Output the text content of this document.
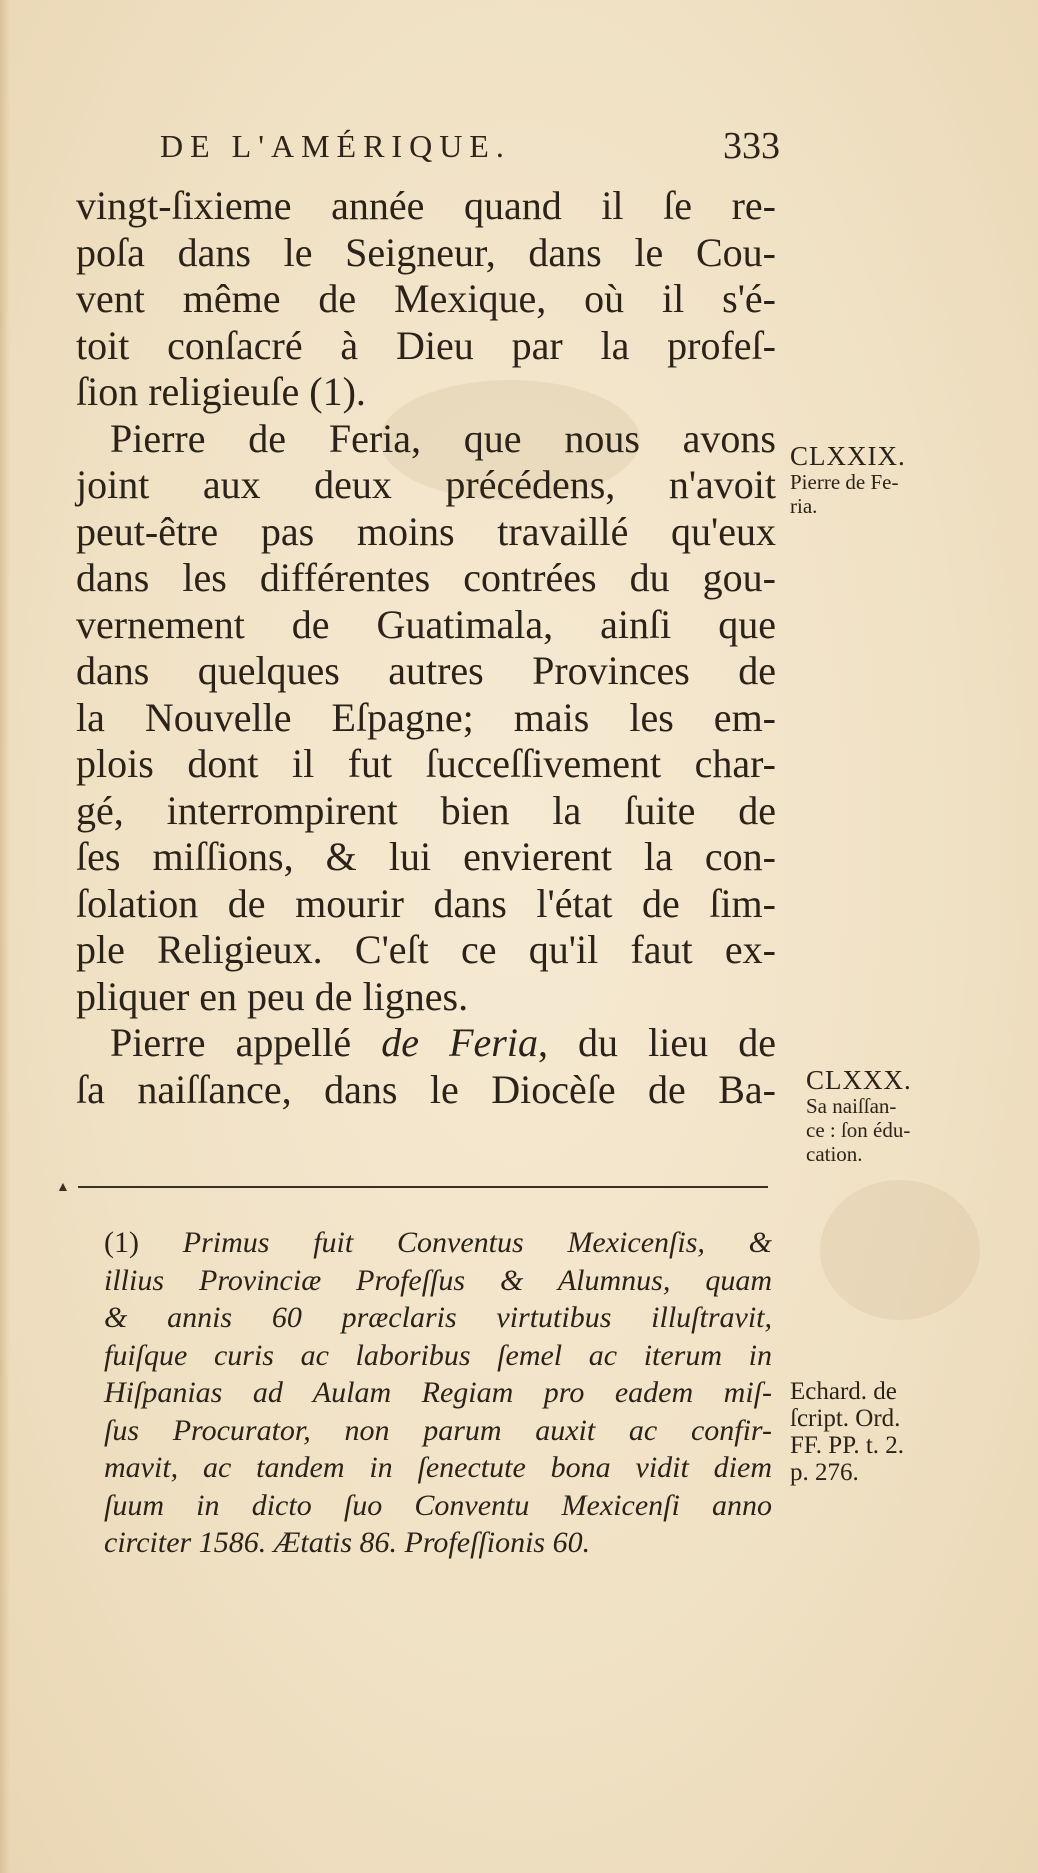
DE L'AMÉRIQUE.	333
vingt-ſixieme année quand il ſe re-
poſa dans le Seigneur, dans le Cou-
vent même de Mexique, où il s'é-
toit conſacré à Dieu par la profeſ-
ſion religieuſe (1).
Pierre de Feria, que nous avons
joint aux deux précédens, n'avoit
peut-être pas moins travaillé qu'eux
dans les différentes contrées du gou-
vernement de Guatimala, ainſi que
dans quelques autres Provinces de
la Nouvelle Eſpagne; mais les em-
plois dont il fut ſucceſſivement char-
gé, interrompirent bien la ſuite de
ſes miſſions, & lui envierent la con-
ſolation de mourir dans l'état de ſim-
ple Religieux. C'eſt ce qu'il faut ex-
pliquer en peu de lignes.
Pierre appellé de Feria, du lieu de
ſa naiſſance, dans le Diocèſe de Ba-
CLXXIX.
Pierre de Fe-
ria.
CLXXX.
Sa naiſſan-
ce : ſon édu-
cation.
▲
(1) Primus fuit Conventus Mexicenſis, &
illius Provinciæ Profeſſus & Alumnus, quam
& annis 60 præclaris virtutibus illuſtravit,
fuiſque curis ac laboribus ſemel ac iterum in
Hiſpanias ad Aulam Regiam pro eadem miſ-
ſus Procurator, non parum auxit ac confir-
mavit, ac tandem in ſenectute bona vidit diem
ſuum in dicto ſuo Conventu Mexicenſi anno
circiter 1586. Ætatis 86. Profeſſionis 60.
Echard. de
ſcript. Ord.
FF. PP. t. 2.
p. 276.
